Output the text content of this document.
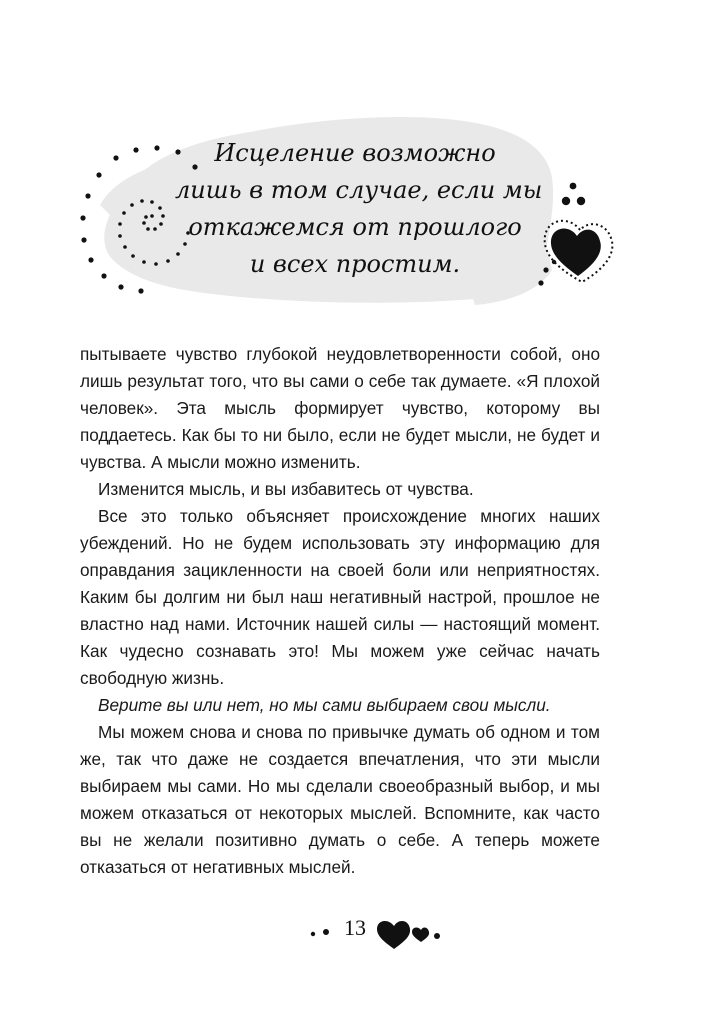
Исцеление возможно
лишь в том случае, если мы
откажемся от прошлого
и всех простим.

пытываете чувство глубокой неудовлетворенности собой, оно лишь результат того, что вы сами о себе так думаете. «Я плохой человек». Эта мысль формирует чувство, которому вы поддаетесь. Как бы то ни было, если не будет мысли, не будет и чувства. А мысли можно изменить.

Изменится мысль, и вы избавитесь от чувства.

Все это только объясняет происхождение многих наших убеждений. Но не будем использовать эту информацию для оправдания зацикленности на своей боли или неприятностях. Каким бы долгим ни был наш негативный настрой, прошлое не властно над нами. Источник нашей силы — настоящий момент. Как чудесно сознавать это! Мы можем уже сейчас начать свободную жизнь.

Верите вы или нет, но мы сами выбираем свои мысли.

Мы можем снова и снова по привычке думать об одном и том же, так что даже не создается впечатления, что эти мысли выбираем мы сами. Но мы сделали своеобразный выбор, и мы можем отказаться от некоторых мыслей. Вспомните, как часто вы не желали позитивно думать о себе. А теперь можете отказаться от негативных мыслей.

13
